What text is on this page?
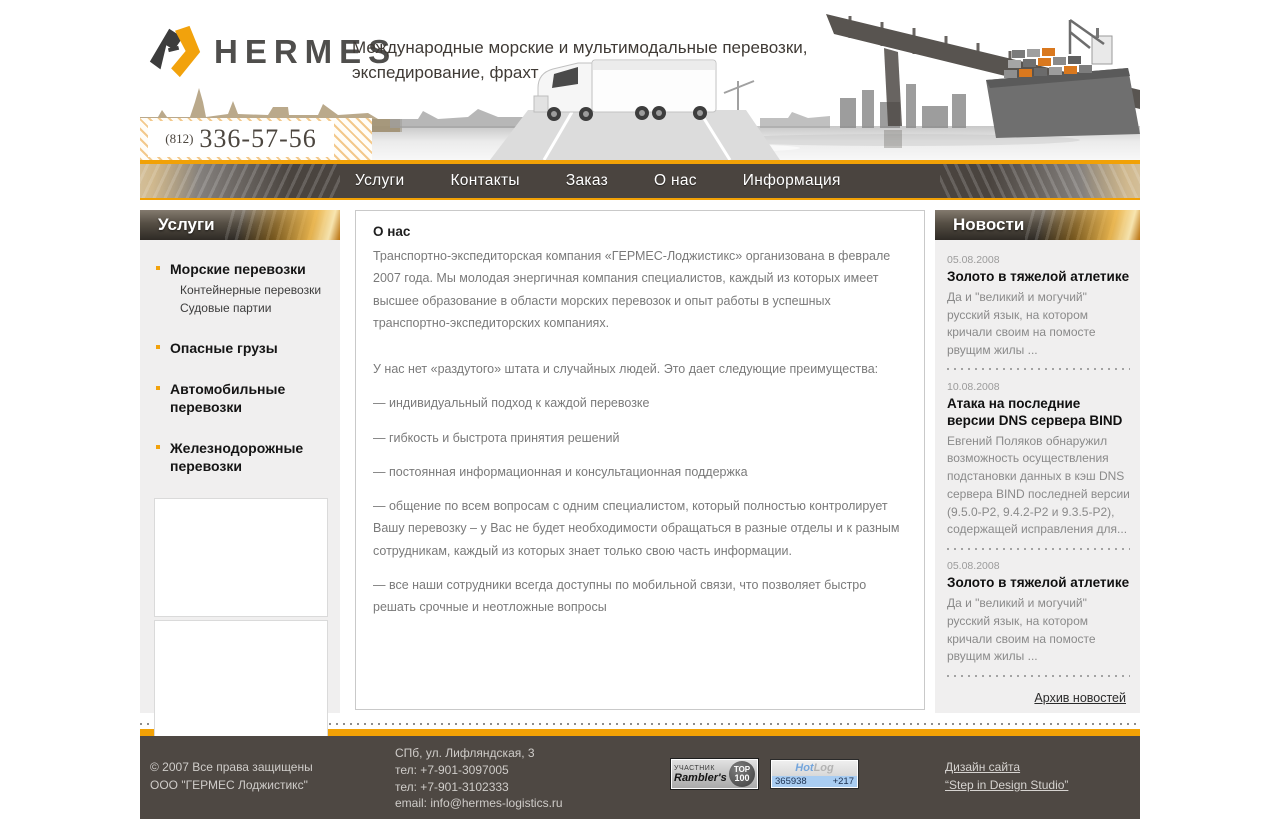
HERMES
Международные морские и мультимодальные перевозки,
экспедирование, фрахт
(812) 336-57-56
Услуги	Контакты	Заказ	О нас	Информация
Услуги
Морские перевозки
Контейнерные перевозки
Судовые партии
Опасные грузы
Автомобильные перевозки
Железнодорожные перевозки
О нас

Транспортно-экспедиторская компания «ГЕРМЕС-Лоджистикс» организована в феврале 2007 года. Мы молодая энергичная компания специалистов, каждый из которых имеет высшее образование в области морских перевозок и опыт работы в успешных транспортно-экспедиторских компаниях.

У нас нет «раздутого» штата и случайных людей. Это дает следующие преимущества:

— индивидуальный подход к каждой перевозке

— гибкость и быстрота принятия решений

— постоянная информационная и консультационная поддержка

— общение по всем вопросам с одним специалистом, который полностью контролирует Вашу перевозку – у Вас не будет необходимости обращаться в разные отделы и к разным сотрудникам, каждый из которых знает только свою часть информации.

— все наши сотрудники всегда доступны по мобильной связи, что позволяет быстро решать срочные и неотложные вопросы

Новости
05.08.2008
Золото в тяжелой атлетике
Да и "великий и могучий" русский язык, на котором кричали своим на помосте рвущим жилы ...
10.08.2008
Атака на последние версии DNS сервера BIND
Евгений Поляков обнаружил возможность осуществления подстановки данных в кэш DNS сервера BIND последней версии (9.5.0-P2, 9.4.2-P2 и 9.3.5-P2), содержащей исправления для...
05.08.2008
Золото в тяжелой атлетике
Да и "великий и могучий" русский язык, на котором кричали своим на помосте рвущим жилы ...
Архив новостей
© 2007 Все права защищены
ООО "ГЕРМЕС Лоджистикс"
СПб, ул. Лифляндская, 3
тел: +7-901-3097005
тел: +7-901-3102333
email: info@hermes-logistics.ru
УЧАСТНИК
Rambler's
TOP
100
HotLog
365938	+217
Дизайн сайта
“Step in Design Studio”
